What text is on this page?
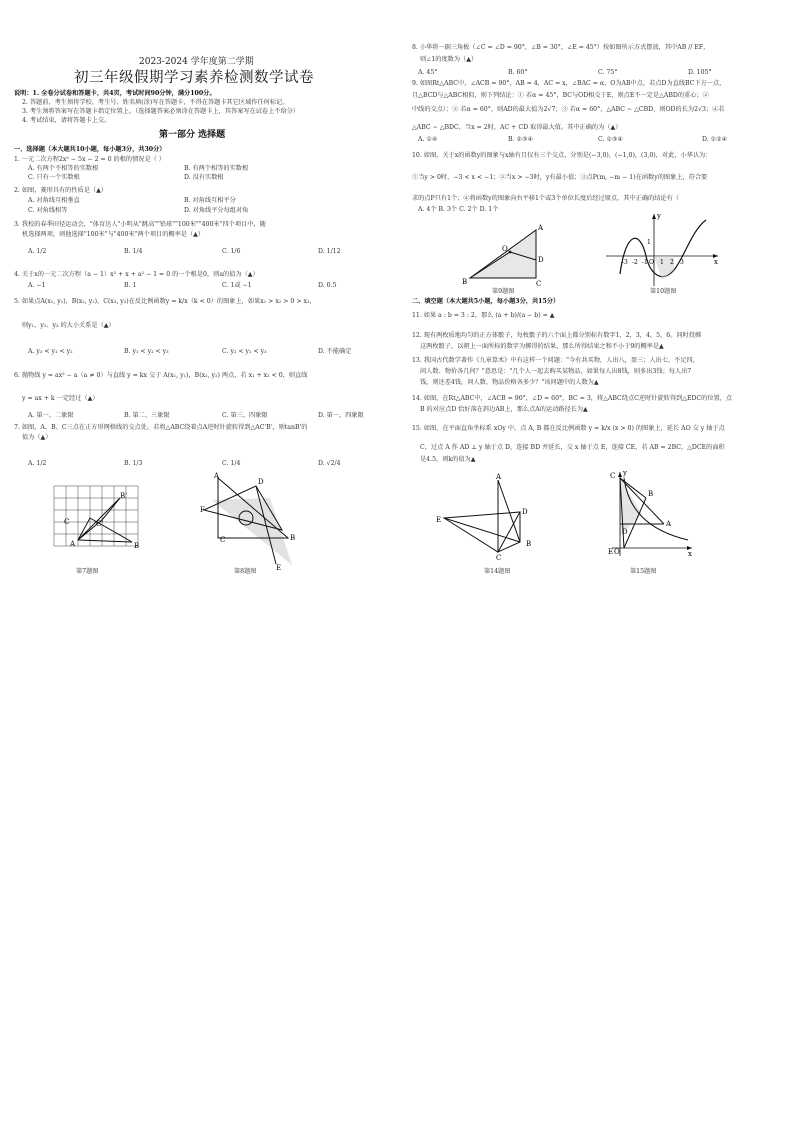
2023-2024 学年度第二学期
初三年级假期学习素养检测数学试卷
说明：1. 全卷分试卷和答题卡，共4页，考试时间90分钟，满分100分。
2. 答题前，考生须将学校、考生号、姓名填(涂)写在答题卡，不得在答题卡其它区域作任何标记。
3. 考生须将答案写在答题卡指定位置上。（选择题答案必须涂在答题卡上，其答案写在试卷上不给分）
4. 考试结束，请将答题卡上交。
第一部分 选择题
一、选择题（本大题共10小题，每小题3分，共30分）
1. 一元二次方程2x² − 5x − 2 = 0 的根的情况是（ ）
A. 有两个不相等的实数根	B. 有两个相等的实数根
C. 只有一个实数根	D. 没有实数根
2. 如图，菱形具有的性质是（▲）
A. 对角线互相垂直	B. 对角线互相平分
C. 对角线相等	D. 对角线平分每组对角
3. 我校的春季田径运动会，"体育达人"小明从"跳高""铅球""100米""400米"四个项目中，随
机选择两项，则他选择"100米"与"400米"两个项目的概率是（▲）
A. 1/2	B. 1/4	C. 1/6	D. 1/12
4. 关于x的一元二次方程（a − 1）x² + x + a² − 1 = 0 的一个根是0，则a的值为（▲）
A. −1	B. 1	C. 1或 −1	D. 0.5
5. 如果点A(x₁, y₁)，B(x₂, y₂)，C(x₃, y₃)在反比例函数y = k/x（k < 0）的图象上，如果x₁ > x₂ > 0 > x₃，
则y₁、y₂、y₃ 的大小关系是（▲）
A. y₃ < y₁ < y₂	B. y₁ < y₂ < y₃	C. y₂ < y₁ < y₃	D. 不能确定
6. 抛物线 y = ax² − a（a ≠ 0）与直线 y = kx 交于 A(x₁, y₁)，B(x₂, y₂) 两点，若 x₁ + x₂ < 0，则直线
y = ax + k 一定经过（▲）
A. 第一、二象限	B. 第二、三象限	C. 第三、四象限	D. 第一、四象限
7. 如图，A、B、C三点在正方形网格线的交点处，若将△ABC绕着点A逆时针旋转得到△AC'B'，则tanB'的
值为（▲）
A. 1/2	B. 1/3	C. 1/4	D. √2/4
A	B
C
B'
C'
第7题图
A
B
C
D
E
F
第8题图
8. 小华将一副三角板（∠C = ∠D = 90°，∠B = 30°，∠E = 45°）按如图所示方式摆放，其中AB // EF，
则∠1的度数为（▲）
A. 45°	B. 60°	C. 75°	D. 105°
9. 如图Rt△ABC中，∠ACB = 90°，AB = 4，AC = x，∠BAC = α，O为AB中点，若点D为直线BC下方一点，
且△BCD与△ABC相似，则下列结论：① 若α = 45°，BC与OD相交于E，则点E不一定是△ABD的重心；②
中线的交点）；② 若α = 60°，则AD的最大值为2√7；③ 若α = 60°，△ABC ∼ △CBD，则OD的长为2√3；④若
△ABC ∼ △BDC，当x = 2时，AC + CD 取得最大值。其中正确的为（▲）
A. ①④	B. ②③④	C. ①③④	D. ①②④
10. 如图，关于x的函数y的图象与x轴有且仅有三个交点，分别是(−3,0)，(−1,0)，(3,0)，对此，小华认为：
①当y > 0时，−3 < x < −1；②当x > −3时，y有最小值；③点P(m, −m − 1)在函数y的图象上，符合要
求的点P只有1个；④将函数y的图象向右平移1个或3个单位长度后经过原点，其中正确的结论有（
A. 4个 B. 3个 C. 2个 D. 1个
A
B	C
D
O
第9题图
y
x
-3 -2 -1 O 1 2 3
1
第10题图
二、填空题（本大题共5小题，每小题3分，共15分）
11. 如果 a : b = 3 : 2，那么 (a + b)/(a − b) = ▲
12. 现有两枚质地均匀的正方体骰子，每枚骰子的六个面上都分别标有数字1，2，3，4，5，6。同时投掷
这两枚骰子，以朝上一面所标的数字为掷得的结果，那么所得结果之和不小于9的概率是▲
13. 我国古代数学著作《九章算术》中有这样一个问题："今有共买物，人出八，盈三；人出七，不足四，
问人数、物价各几何？"意思是："几个人一起去购买某物品，如果每人出8钱，则多出3钱；每人出7
钱，则还差4钱，问人数、物品价格各多少？"该问题中的人数为▲
14. 如图，在Rt△ABC中，∠ACB = 90°，∠D = 60°，BC = 3，将△ABC绕点C逆时针旋转得到△EDC的位置，点
B 的对应点D 恰好落在斜边AB上，那么点A的运动路径长为▲
15. 如图，在平面直角坐标系 xOy 中，点 A, B 都在反比例函数 y = k/x (x > 0) 的图象上，延长 AO 交 y 轴于点
C，过点 A 作 AD ⊥ y 轴于点 D，连接 BD 并延长，交 x 轴于点 E，连接 CE，若 AB = 2BC，△DCE的面积
是4.5，则k的值为▲
A
B
C
D
E
第14题图
C y
A
B
D
E O	x
第15题图
